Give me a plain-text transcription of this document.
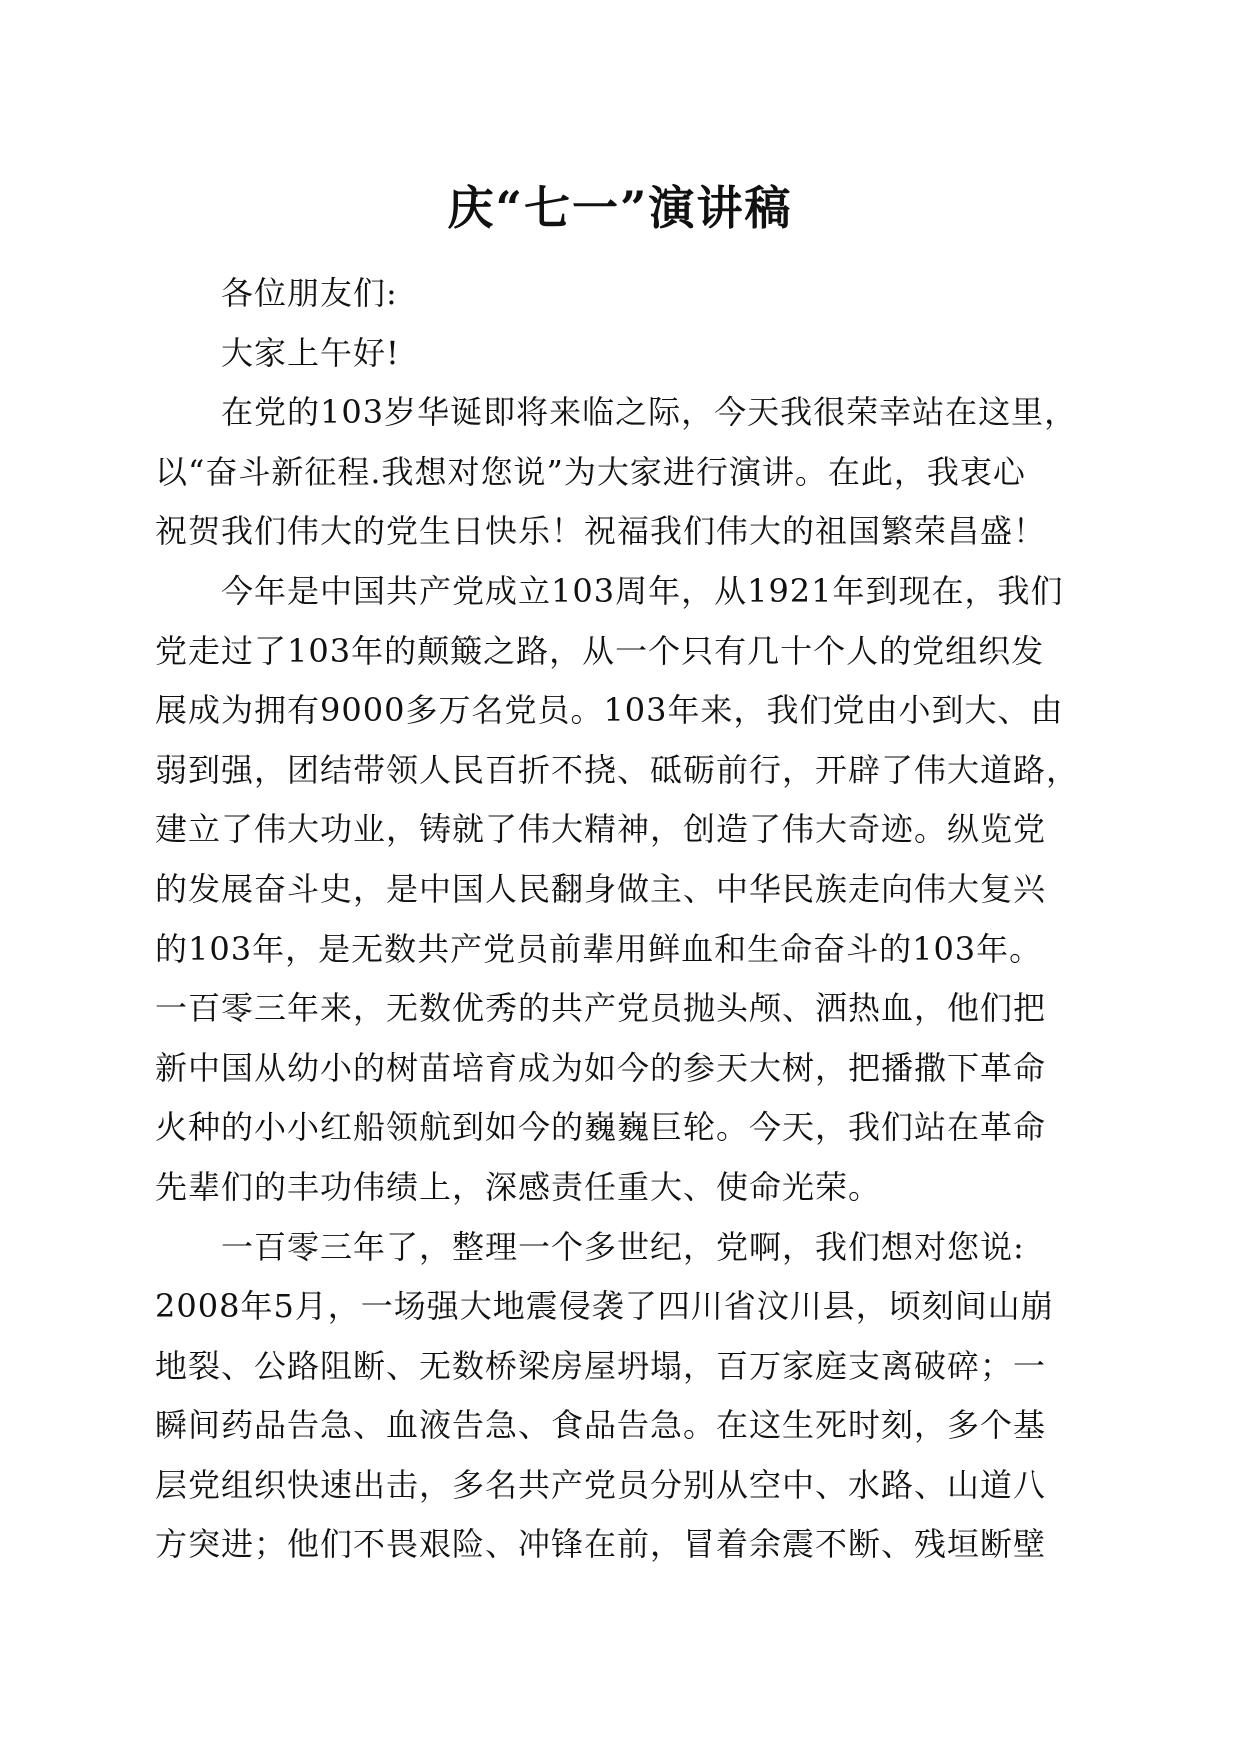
庆“七一”演讲稿
各位朋友们:
大家上午好!
在党的103岁华诞即将来临之际，今天我很荣幸站在这里，
以“奋斗新征程.我想对您说”为大家进行演讲。在此，我衷心
祝贺我们伟大的党生日快乐！祝福我们伟大的祖国繁荣昌盛！
今年是中国共产党成立103周年，从1921年到现在，我们
党走过了103年的颠簸之路，从一个只有几十个人的党组织发
展成为拥有9000多万名党员。103年来，我们党由小到大、由
弱到强，团结带领人民百折不挠、砥砺前行，开辟了伟大道路，
建立了伟大功业，铸就了伟大精神，创造了伟大奇迹。纵览党
的发展奋斗史，是中国人民翻身做主、中华民族走向伟大复兴
的103年，是无数共产党员前辈用鲜血和生命奋斗的103年。
一百零三年来，无数优秀的共产党员抛头颅、洒热血，他们把
新中国从幼小的树苗培育成为如今的参天大树，把播撒下革命
火种的小小红船领航到如今的巍巍巨轮。今天，我们站在革命
先辈们的丰功伟绩上，深感责任重大、使命光荣。
一百零三年了，整理一个多世纪，党啊，我们想对您说:
2008年5月，一场强大地震侵袭了四川省汶川县，顷刻间山崩
地裂、公路阻断、无数桥梁房屋坍塌，百万家庭支离破碎；一
瞬间药品告急、血液告急、食品告急。在这生死时刻，多个基
层党组织快速出击，多名共产党员分别从空中、水路、山道八
方突进；他们不畏艰险、冲锋在前，冒着余震不断、残垣断壁
